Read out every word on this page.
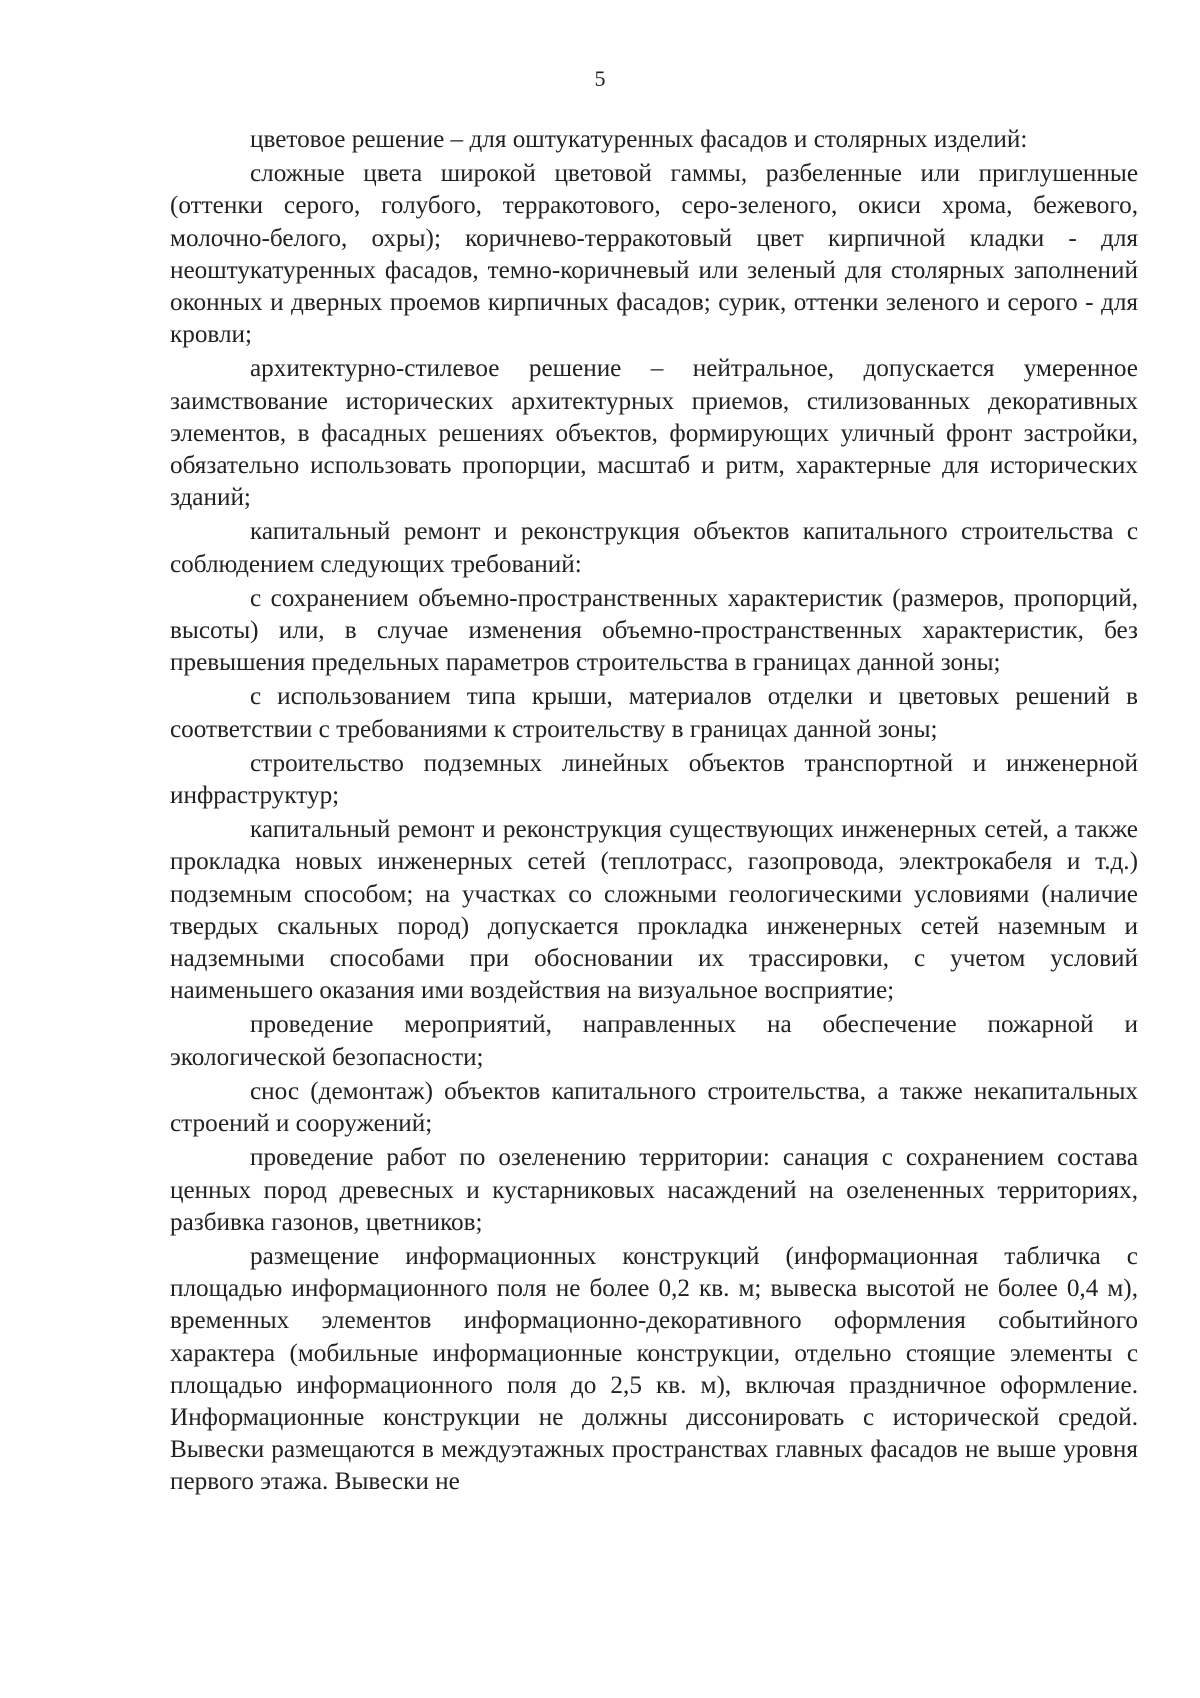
5

цветовое решение – для оштукатуренных фасадов и столярных изделий:

сложные цвета широкой цветовой гаммы, разбеленные или приглушенные (оттенки серого, голубого, терракотового, серо-зеленого, окиси хрома, бежевого, молочно-белого, охры); коричнево-терракотовый цвет кирпичной кладки - для неоштукатуренных фасадов, темно-коричневый или зеленый для столярных заполнений оконных и дверных проемов кирпичных фасадов; сурик, оттенки зеленого и серого - для кровли;

архитектурно-стилевое решение – нейтральное, допускается умеренное заимствование исторических архитектурных приемов, стилизованных декоративных элементов, в фасадных решениях объектов, формирующих уличный фронт застройки, обязательно использовать пропорции, масштаб и ритм, характерные для исторических зданий;

капитальный ремонт и реконструкция объектов капитального строительства с соблюдением следующих требований:

с сохранением объемно-пространственных характеристик (размеров, пропорций, высоты) или, в случае изменения объемно-пространственных характеристик, без превышения предельных параметров строительства в границах данной зоны;

с использованием типа крыши, материалов отделки и цветовых решений в соответствии с требованиями к строительству в границах данной зоны;

строительство подземных линейных объектов транспортной и инженерной инфраструктур;

капитальный ремонт и реконструкция существующих инженерных сетей, а также прокладка новых инженерных сетей (теплотрасс, газопровода, электрокабеля и т.д.) подземным способом; на участках со сложными геологическими условиями (наличие твердых скальных пород) допускается прокладка инженерных сетей наземным и надземными способами при обосновании их трассировки, с учетом условий наименьшего оказания ими воздействия на визуальное восприятие;

проведение мероприятий, направленных на обеспечение пожарной и экологической безопасности;

снос (демонтаж) объектов капитального строительства, а также некапитальных строений и сооружений;

проведение работ по озеленению территории: санация с сохранением состава ценных пород древесных и кустарниковых насаждений на озелененных территориях, разбивка газонов, цветников;

размещение информационных конструкций (информационная табличка с площадью информационного поля не более 0,2 кв. м; вывеска высотой не более 0,4 м), временных элементов информационно-декоративного оформления событийного характера (мобильные информационные конструкции, отдельно стоящие элементы с площадью информационного поля до 2,5 кв. м), включая праздничное оформление. Информационные конструкции не должны диссонировать с исторической средой. Вывески размещаются в междуэтажных пространствах главных фасадов не выше уровня первого этажа. Вывески не
